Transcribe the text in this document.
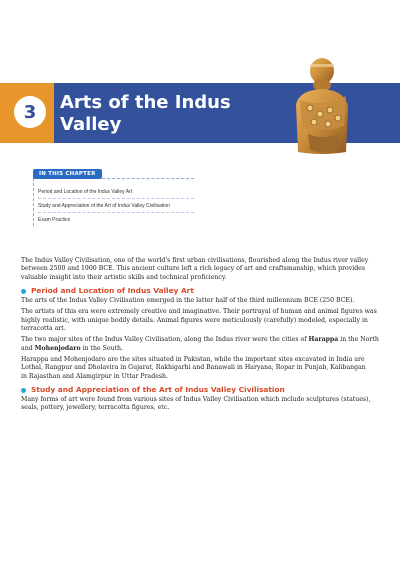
3	Arts of the Indus Valley
IN THIS CHAPTER
Period and Location of the Indus Valley Art
Study and Appreciation of the Art of Indus Valley Civilisation
Exam Practice

The Indus Valley Civilisation, one of the world's first urban civilisations, flourished along the Indus river valley between 2500 and 1900 BCE. This ancient culture left a rich legacy of art and craftsmanship, which provides valuable insight into their artistic skills and technical proficiency.

Period and Location of Indus Valley Art

The arts of the Indus Valley Civilisation emerged in the latter half of the third millennium BCE (250 BCE).

The artists of this era were extremely creative and imaginative. Their portrayal of human and animal figures was highly realistic, with unique bodily details. Animal figures were meticulously (carefully) modeled, especially in terracotta art.

The two major sites of the Indus Valley Civilisation, along the Indus river were the cities of Harappa in the North and Mohenjodaro in the South.

Harappa and Mohenjodaro are the sites situated in Pakistan, while the important sites excavated in India are Lothal, Rangpur and Dholavira in Gujarat, Rakhigarhi and Banawali in Haryana, Ropar in Punjab, Kalibangan
in Rajasthan and Alamgirpur in Uttar Pradesh.

Study and Appreciation of the Art of Indus Valley Civilisation

Many forms of art were found from various sites of Indus Valley Civilisation which include sculptures (statues), seals, pottery, jewellery, terracotta figures, etc.
